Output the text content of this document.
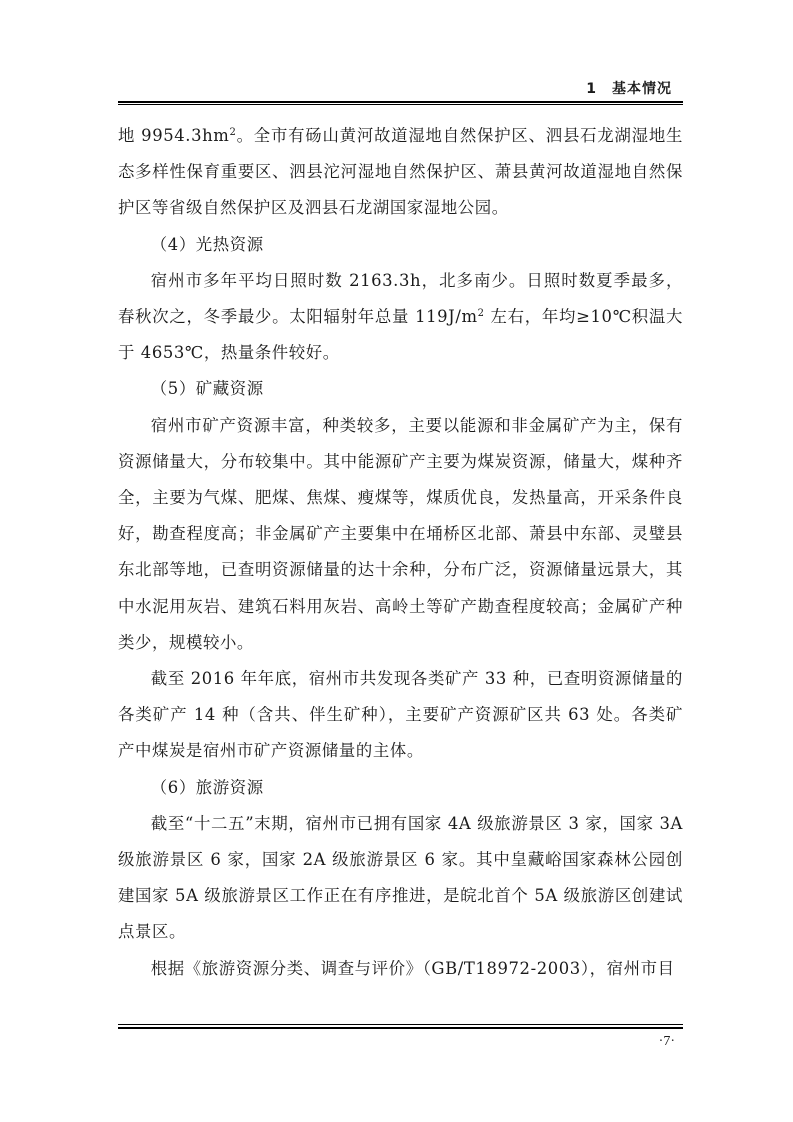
1　基本情况

地 $9954.3hm^2$。全市有砀山黄河故道湿地自然保护区、泗县石龙湖湿地生态多样性保育重要区、泗县沱河湿地自然保护区、萧县黄河故道湿地自然保护区等省级自然保护区及泗县石龙湖国家湿地公园。

（4）光热资源

宿州市多年平均日照时数 2163.3h，北多南少。日照时数夏季最多，春秋次之，冬季最少。太阳辐射年总量 $119J/m^2$ 左右，年均≥10℃积温大于 4653℃，热量条件较好。

（5）矿藏资源

宿州市矿产资源丰富，种类较多，主要以能源和非金属矿产为主，保有资源储量大，分布较集中。其中能源矿产主要为煤炭资源，储量大，煤种齐全，主要为气煤、肥煤、焦煤、瘦煤等，煤质优良，发热量高，开采条件良好，勘查程度高；非金属矿产主要集中在埇桥区北部、萧县中东部、灵璧县东北部等地，已查明资源储量的达十余种，分布广泛，资源储量远景大，其中水泥用灰岩、建筑石料用灰岩、高岭土等矿产勘查程度较高；金属矿产种类少，规模较小。

截至 2016 年年底，宿州市共发现各类矿产 33 种，已查明资源储量的各类矿产 14 种（含共、伴生矿种），主要矿产资源矿区共 63 处。各类矿产中煤炭是宿州市矿产资源储量的主体。

（6）旅游资源

截至“十二五”末期，宿州市已拥有国家 4A 级旅游景区 3 家，国家 3A 级旅游景区 6 家，国家 2A 级旅游景区 6 家。其中皇藏峪国家森林公园创建国家 5A 级旅游景区工作正在有序推进，是皖北首个 5A 级旅游区创建试点景区。

根据《旅游资源分类、调查与评价》（GB/T18972-2003），宿州市目

·7·
